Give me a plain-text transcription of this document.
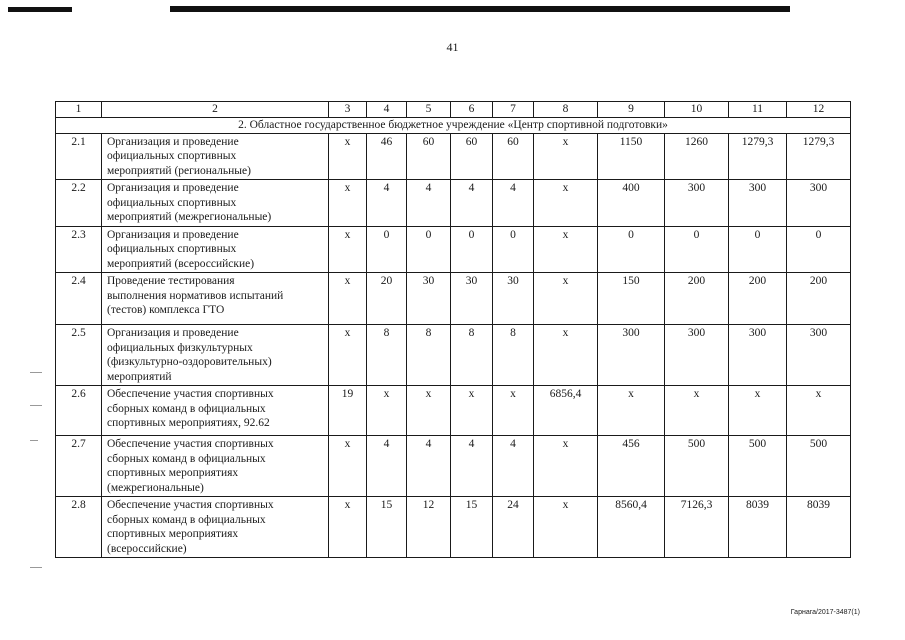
41
1	2	3	4	5	6	7	8	9	10	11	12
2. Областное государственное бюджетное учреждение «Центр спортивной подготовки»											
2.1	Организация и проведение
официальных спортивных
мероприятий (региональные)	x	46	60	60	60	x	1150	1260	1279,3	1279,3
2.2	Организация и проведение
официальных спортивных
мероприятий (межрегиональные)	x	4	4	4	4	x	400	300	300	300
2.3	Организация и проведение
официальных спортивных
мероприятий (всероссийские)	x	0	0	0	0	x	0	0	0	0
2.4	Проведение тестирования
выполнения нормативов испытаний
(тестов) комплекса ГТО	x	20	30	30	30	x	150	200	200	200
2.5	Организация и проведение
официальных физкультурных
(физкультурно-оздоровительных)
мероприятий	x	8	8	8	8	x	300	300	300	300
2.6	Обеспечение участия спортивных
сборных команд в официальных
спортивных мероприятиях, 92.62	19	x	x	x	x	6856,4	x	x	x	x
2.7	Обеспечение участия спортивных
сборных команд в официальных
спортивных мероприятиях
(межрегиональные)	x	4	4	4	4	x	456	500	500	500
2.8	Обеспечение участия спортивных
сборных команд в официальных
спортивных мероприятиях
(всероссийские)	x	15	12	15	24	x	8560,4	7126,3	8039	8039
Гарнага/2017-3487(1)
